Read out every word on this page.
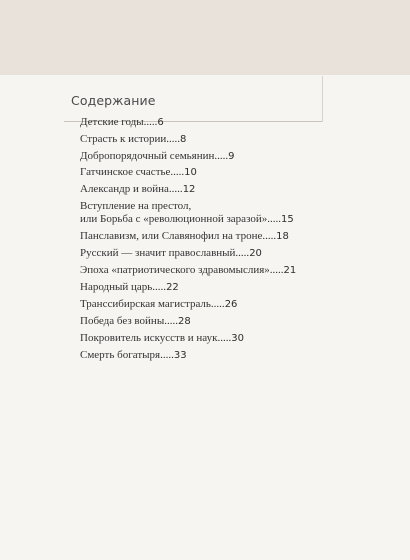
Содержание
Детские годы.....6
Страсть к истории.....8
Добропорядочный семьянин.....9
Гатчинское счастье.....10
Александр и война.....12
Вступление на престол,
или Борьба с «революционной заразой».....15
Панславизм, или Славянофил на троне.....18
Русский — значит православный.....20
Эпоха «патриотического здравомыслия».....21
Народный царь.....22
Транссибирская магистраль.....26
Победа без войны.....28
Покровитель искусств и наук.....30
Смерть богатыря.....33
